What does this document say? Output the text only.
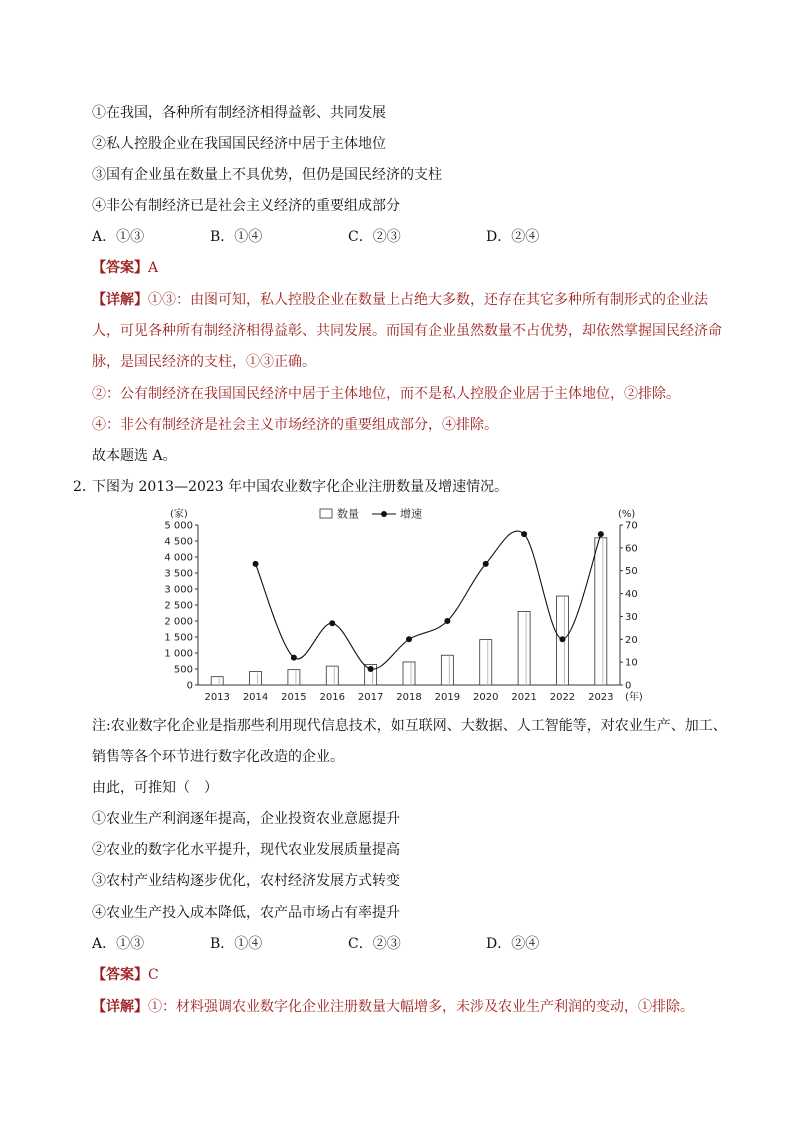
①在我国，各种所有制经济相得益彰、共同发展
②私人控股企业在我国国民经济中居于主体地位
③国有企业虽在数量上不具优势，但仍是国民经济的支柱
④非公有制经济已是社会主义经济的重要组成部分
A．①③	B．①④	C．②③	D．②④
【答案】A
【详解】①③：由图可知，私人控股企业在数量上占绝大多数，还存在其它多种所有制形式的企业法
人，可见各种所有制经济相得益彰、共同发展。而国有企业虽然数量不占优势，却依然掌握国民经济命
脉，是国民经济的支柱，①③正确。
②：公有制经济在我国国民经济中居于主体地位，而不是私人控股企业居于主体地位，②排除。
④：非公有制经济是社会主义市场经济的重要组成部分，④排除。
故本题选 A。
2．
下图为 2013—2023 年中国农业数字化企业注册数量及增速情况。
5 000
4 500
4 000
3 500
3 000
2 500
2 000
1 500
1 000
500
0
70
60
50
40
30
20
10
0
(家)	(%)
2013 2014 2015 2016 2017 2018 2019 2020 2021 2022 2023 (年)
数量	增速
注:农业数字化企业是指那些利用现代信息技术，如互联网、大数据、人工智能等，对农业生产、加工、
销售等各个环节进行数字化改造的企业。
由此，可推知（　）
①农业生产利润逐年提高，企业投资农业意愿提升
②农业的数字化水平提升，现代农业发展质量提高
③农村产业结构逐步优化，农村经济发展方式转变
④农业生产投入成本降低，农产品市场占有率提升
A．①③	B．①④	C．②③	D．②④
【答案】C
【详解】①：材料强调农业数字化企业注册数量大幅增多，未涉及农业生产利润的变动，①排除。
